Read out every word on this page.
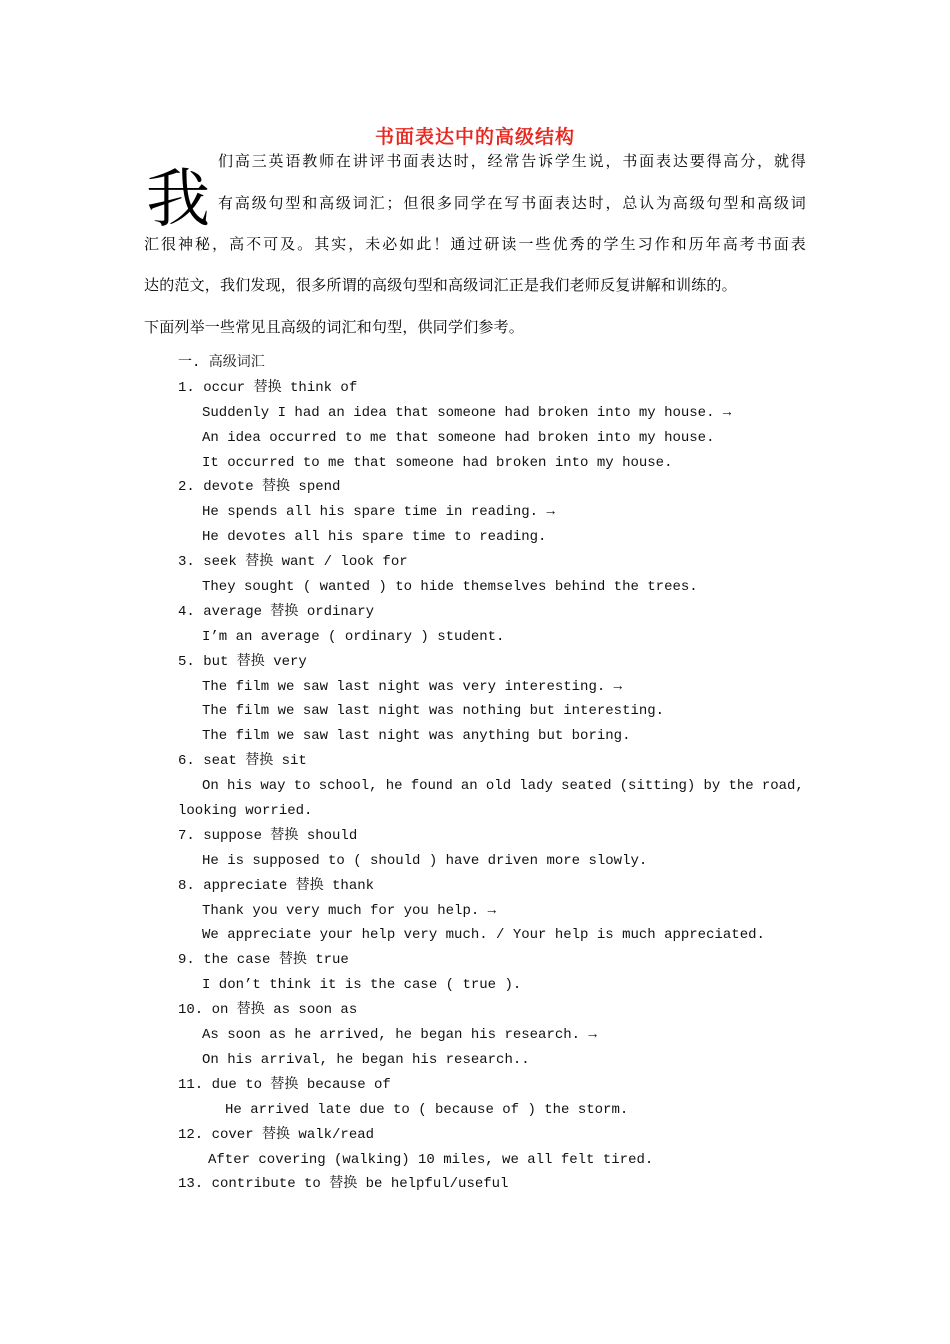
书面表达中的高级结构
我
们高三英语教师在讲评书面表达时，经常告诉学生说，书面表达要得高分，就得
有高级句型和高级词汇；但很多同学在写书面表达时，总认为高级句型和高级词
汇很神秘，高不可及。其实，未必如此！通过研读一些优秀的学生习作和历年高考书面表
达的范文，我们发现，很多所谓的高级句型和高级词汇正是我们老师反复讲解和训练的。
下面列举一些常见且高级的词汇和句型，供同学们参考。
一. 高级词汇
1. occur 替换 think of
Suddenly I had an idea that someone had broken into my house. →
An idea occurred to me that someone had broken into my house.
It occurred to me that someone had broken into my house.
2. devote 替换 spend
He spends all his spare time in reading. →
He devotes all his spare time to reading.
3. seek 替换 want / look for
They sought ( wanted ) to hide themselves behind the trees.
4. average 替换 ordinary
I’m an average ( ordinary ) student.
5. but 替换 very
The film we saw last night was very interesting. →
The film we saw last night was nothing but interesting.
The film we saw last night was anything but boring.
6. seat 替换 sit
On his way to school, he found an old lady seated (sitting) by the road,
looking worried.
7. suppose 替换 should
He is supposed to ( should ) have driven more slowly.
8. appreciate 替换 thank
Thank you very much for you help. →
We appreciate your help very much. / Your help is much appreciated.
9. the case 替换 true
I don’t think it is the case ( true ).
10. on 替换 as soon as
As soon as he arrived, he began his research. →
On his arrival, he began his research..
11. due to 替换 because of
He arrived late due to ( because of ) the storm.
12. cover 替换 walk/read
After covering (walking) 10 miles, we all felt tired.
13. contribute to 替换 be helpful/useful
